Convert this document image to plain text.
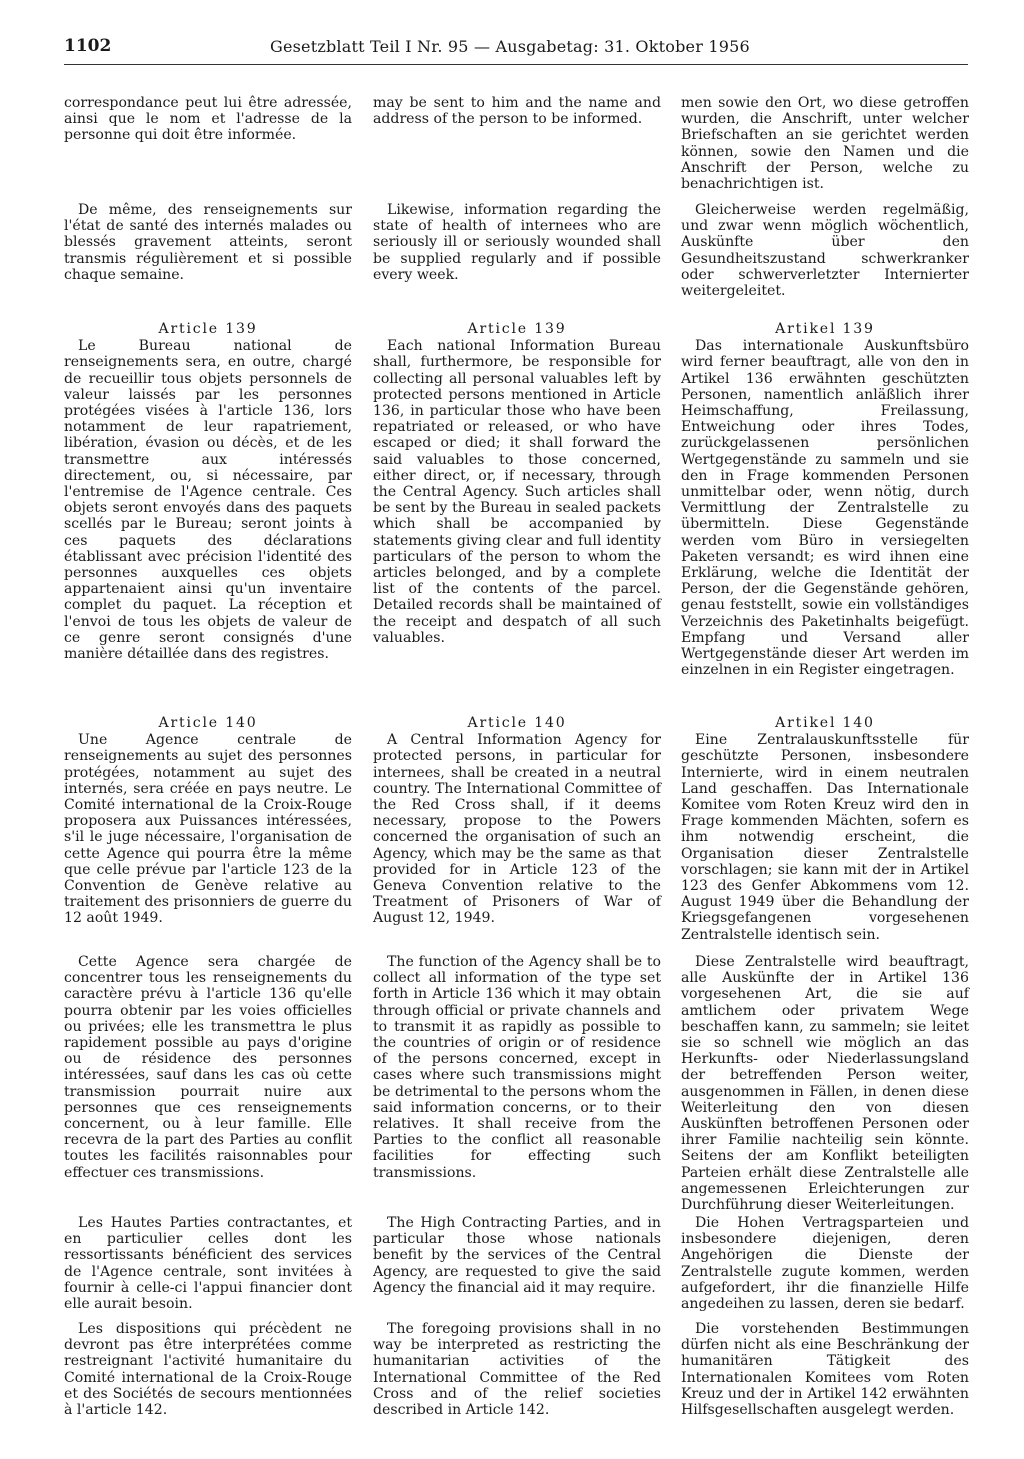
1102	Gesetzblatt Teil I Nr. 95 — Ausgabetag: 31. Oktober 1956

correspondance peut lui être adressée, ainsi que le nom et l'adresse de la personne qui doit être informée.

De même, des renseignements sur l'état de santé des internés malades ou blessés gravement atteints, seront transmis régulièrement et si possible chaque semaine.

Article 139

Le Bureau national de renseignements sera, en outre, chargé de recueillir tous objets personnels de valeur laissés par les personnes protégées visées à l'article 136, lors notamment de leur rapatriement, libération, évasion ou décès, et de les transmettre aux intéressés directement, ou, si nécessaire, par l'entremise de l'Agence centrale. Ces objets seront envoyés dans des paquets scellés par le Bureau; seront joints à ces paquets des déclarations établissant avec précision l'identité des personnes auxquelles ces objets appartenaient ainsi qu'un inventaire complet du paquet. La réception et l'envoi de tous les objets de valeur de ce genre seront consignés d'une manière détaillée dans des registres.

Article 140

Une Agence centrale de renseignements au sujet des personnes protégées, notamment au sujet des internés, sera créée en pays neutre. Le Comité international de la Croix-Rouge proposera aux Puissances intéressées, s'il le juge nécessaire, l'organisation de cette Agence qui pourra être la même que celle prévue par l'article 123 de la Convention de Genève relative au traitement des prisonniers de guerre du 12 août 1949.

Cette Agence sera chargée de concentrer tous les renseignements du caractère prévu à l'article 136 qu'elle pourra obtenir par les voies officielles ou privées; elle les transmettra le plus rapidement possible au pays d'origine ou de résidence des personnes intéressées, sauf dans les cas où cette transmission pourrait nuire aux personnes que ces renseignements concernent, ou à leur famille. Elle recevra de la part des Parties au conflit toutes les facilités raisonnables pour effectuer ces transmissions.

Les Hautes Parties contractantes, et en particulier celles dont les ressortissants bénéficient des services de l'Agence centrale, sont invitées à fournir à celle-ci l'appui financier dont elle aurait besoin.

Les dispositions qui précèdent ne devront pas être interprétées comme restreignant l'activité humanitaire du Comité international de la Croix-Rouge et des Sociétés de secours mentionnées à l'article 142.

may be sent to him and the name and address of the person to be informed.

Likewise, information regarding the state of health of internees who are seriously ill or seriously wounded shall be supplied regularly and if possible every week.

Article 139

Each national Information Bureau shall, furthermore, be responsible for collecting all personal valuables left by protected persons mentioned in Article 136, in particular those who have been repatriated or released, or who have escaped or died; it shall forward the said valuables to those concerned, either direct, or, if necessary, through the Central Agency. Such articles shall be sent by the Bureau in sealed packets which shall be accompanied by statements giving clear and full identity particulars of the person to whom the articles belonged, and by a complete list of the contents of the parcel. Detailed records shall be maintained of the receipt and despatch of all such valuables.

Article 140

A Central Information Agency for protected persons, in particular for internees, shall be created in a neutral country. The International Committee of the Red Cross shall, if it deems necessary, propose to the Powers concerned the organisation of such an Agency, which may be the same as that provided for in Article 123 of the Geneva Convention relative to the Treatment of Prisoners of War of August 12, 1949.

The function of the Agency shall be to collect all information of the type set forth in Article 136 which it may obtain through official or private channels and to transmit it as rapidly as possible to the countries of origin or of residence of the persons concerned, except in cases where such transmissions might be detrimental to the persons whom the said information concerns, or to their relatives. It shall receive from the Parties to the conflict all reasonable facilities for effecting such transmissions.

The High Contracting Parties, and in particular those whose nationals benefit by the services of the Central Agency, are requested to give the said Agency the financial aid it may require.

The foregoing provisions shall in no way be interpreted as restricting the humanitarian activities of the International Committee of the Red Cross and of the relief societies described in Article 142.

men sowie den Ort, wo diese getroffen wurden, die Anschrift, unter welcher Briefschaften an sie gerichtet werden können, sowie den Namen und die Anschrift der Person, welche zu benachrichtigen ist.

Gleicherweise werden regelmäßig, und zwar wenn möglich wöchentlich, Auskünfte über den Gesundheitszustand schwerkranker oder schwerverletzter Internierter weitergeleitet.

Artikel 139

Das internationale Auskunftsbüro wird ferner beauftragt, alle von den in Artikel 136 erwähnten geschützten Personen, namentlich anläßlich ihrer Heimschaffung, Freilassung, Entweichung oder ihres Todes, zurückgelassenen persönlichen Wertgegenstände zu sammeln und sie den in Frage kommenden Personen unmittelbar oder, wenn nötig, durch Vermittlung der Zentralstelle zu übermitteln. Diese Gegenstände werden vom Büro in versiegelten Paketen versandt; es wird ihnen eine Erklärung, welche die Identität der Person, der die Gegenstände gehören, genau feststellt, sowie ein vollständiges Verzeichnis des Paketinhalts beigefügt. Empfang und Versand aller Wertgegenstände dieser Art werden im einzelnen in ein Register eingetragen.

Artikel 140

Eine Zentralauskunftsstelle für geschützte Personen, insbesondere Internierte, wird in einem neutralen Land geschaffen. Das Internationale Komitee vom Roten Kreuz wird den in Frage kommenden Mächten, sofern es ihm notwendig erscheint, die Organisation dieser Zentralstelle vorschlagen; sie kann mit der in Artikel 123 des Genfer Abkommens vom 12. August 1949 über die Behandlung der Kriegsgefangenen vorgesehenen Zentralstelle identisch sein.

Diese Zentralstelle wird beauftragt, alle Auskünfte der in Artikel 136 vorgesehenen Art, die sie auf amtlichem oder privatem Wege beschaffen kann, zu sammeln; sie leitet sie so schnell wie möglich an das Herkunfts- oder Niederlassungsland der betreffenden Person weiter, ausgenommen in Fällen, in denen diese Weiterleitung den von diesen Auskünften betroffenen Personen oder ihrer Familie nachteilig sein könnte. Seitens der am Konflikt beteiligten Parteien erhält diese Zentralstelle alle angemessenen Erleichterungen zur Durchführung dieser Weiterleitungen.

Die Hohen Vertragsparteien und insbesondere diejenigen, deren Angehörigen die Dienste der Zentralstelle zugute kommen, werden aufgefordert, ihr die finanzielle Hilfe angedeihen zu lassen, deren sie bedarf.

Die vorstehenden Bestimmungen dürfen nicht als eine Beschränkung der humanitären Tätigkeit des Internationalen Komitees vom Roten Kreuz und der in Artikel 142 erwähnten Hilfsgesellschaften ausgelegt werden.
